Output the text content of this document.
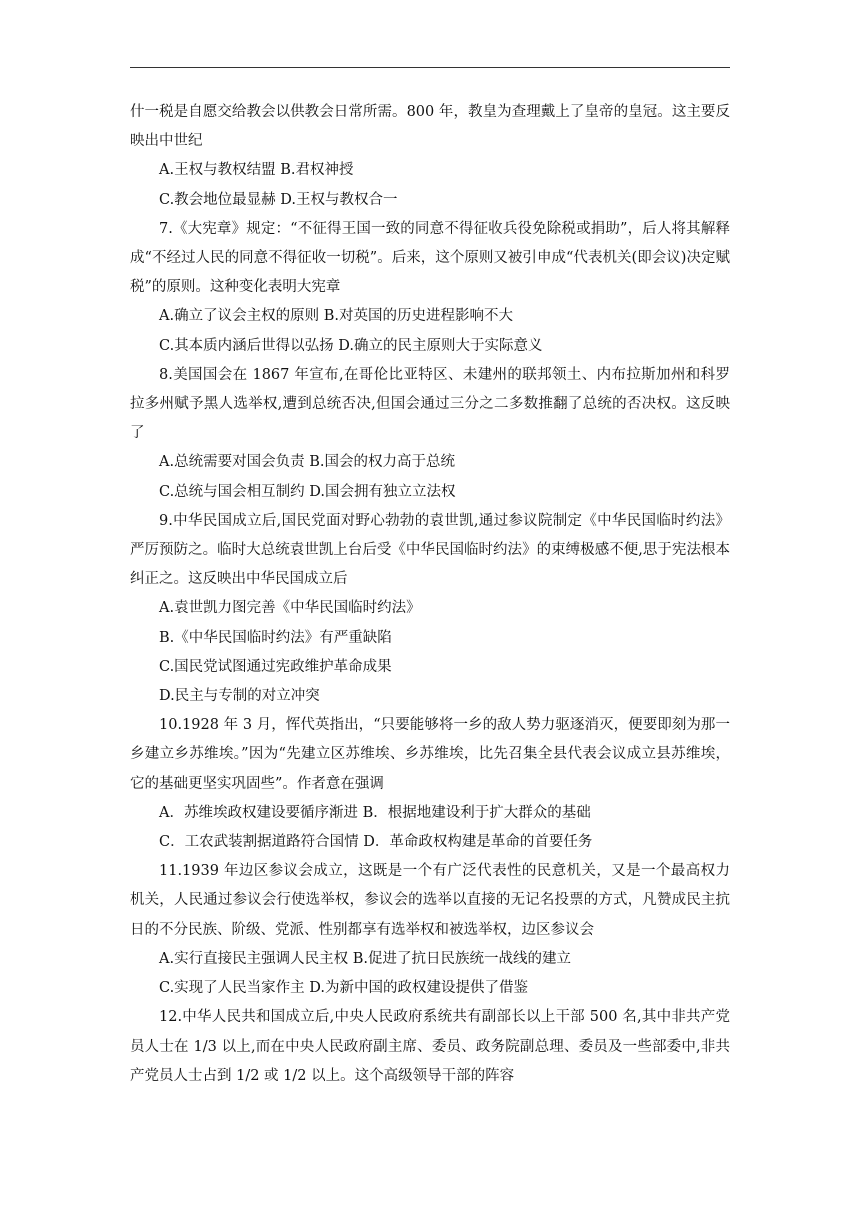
什一税是自愿交给教会以供教会日常所需。800 年，教皇为查理戴上了皇帝的皇冠。这主要反映出中世纪

A.王权与教权结盟 B.君权神授

C.教会地位最显赫 D.王权与教权合一

7.《大宪章》规定：“不征得王国一致的同意不得征收兵役免除税或捐助”，后人将其解释成“不经过人民的同意不得征收一切税”。后来，这个原则又被引申成“代表机关(即会议)决定赋税”的原则。这种变化表明大宪章

A.确立了议会主权的原则 B.对英国的历史进程影响不大

C.其本质内涵后世得以弘扬 D.确立的民主原则大于实际意义

8.美国国会在 1867 年宣布,在哥伦比亚特区、未建州的联邦领土、内布拉斯加州和科罗拉多州赋予黑人选举权,遭到总统否决,但国会通过三分之二多数推翻了总统的否决权。这反映了

A.总统需要对国会负责 B.国会的权力高于总统

C.总统与国会相互制约 D.国会拥有独立立法权

9.中华民国成立后,国民党面对野心勃勃的袁世凯,通过参议院制定《中华民国临时约法》严厉预防之。临时大总统袁世凯上台后受《中华民国临时约法》的束缚极感不便,思于宪法根本纠正之。这反映出中华民国成立后

A.袁世凯力图完善《中华民国临时约法》

B.《中华民国临时约法》有严重缺陷

C.国民党试图通过宪政维护革命成果

D.民主与专制的对立冲突

10.1928 年 3 月，恽代英指出，“只要能够将一乡的敌人势力驱逐消灭，便要即刻为那一乡建立乡苏维埃。”因为“先建立区苏维埃、乡苏维埃，比先召集全县代表会议成立县苏维埃，它的基础更坚实巩固些”。作者意在强调

A．苏维埃政权建设要循序渐进 B．根据地建设利于扩大群众的基础

C．工农武装割据道路符合国情 D．革命政权构建是革命的首要任务

11.1939 年边区参议会成立，这既是一个有广泛代表性的民意机关，又是一个最高权力机关，人民通过参议会行使选举权，参议会的选举以直接的无记名投票的方式，凡赞成民主抗日的不分民族、阶级、党派、性别都享有选举权和被选举权，边区参议会

A.实行直接民主强调人民主权 B.促进了抗日民族统一战线的建立

C.实现了人民当家作主 D.为新中国的政权建设提供了借鉴

12.中华人民共和国成立后,中央人民政府系统共有副部长以上干部 500 名,其中非共产党员人士在 1/3 以上,而在中央人民政府副主席、委员、政务院副总理、委员及一些部委中,非共产党员人士占到 1/2 或 1/2 以上。这个高级领导干部的阵容
